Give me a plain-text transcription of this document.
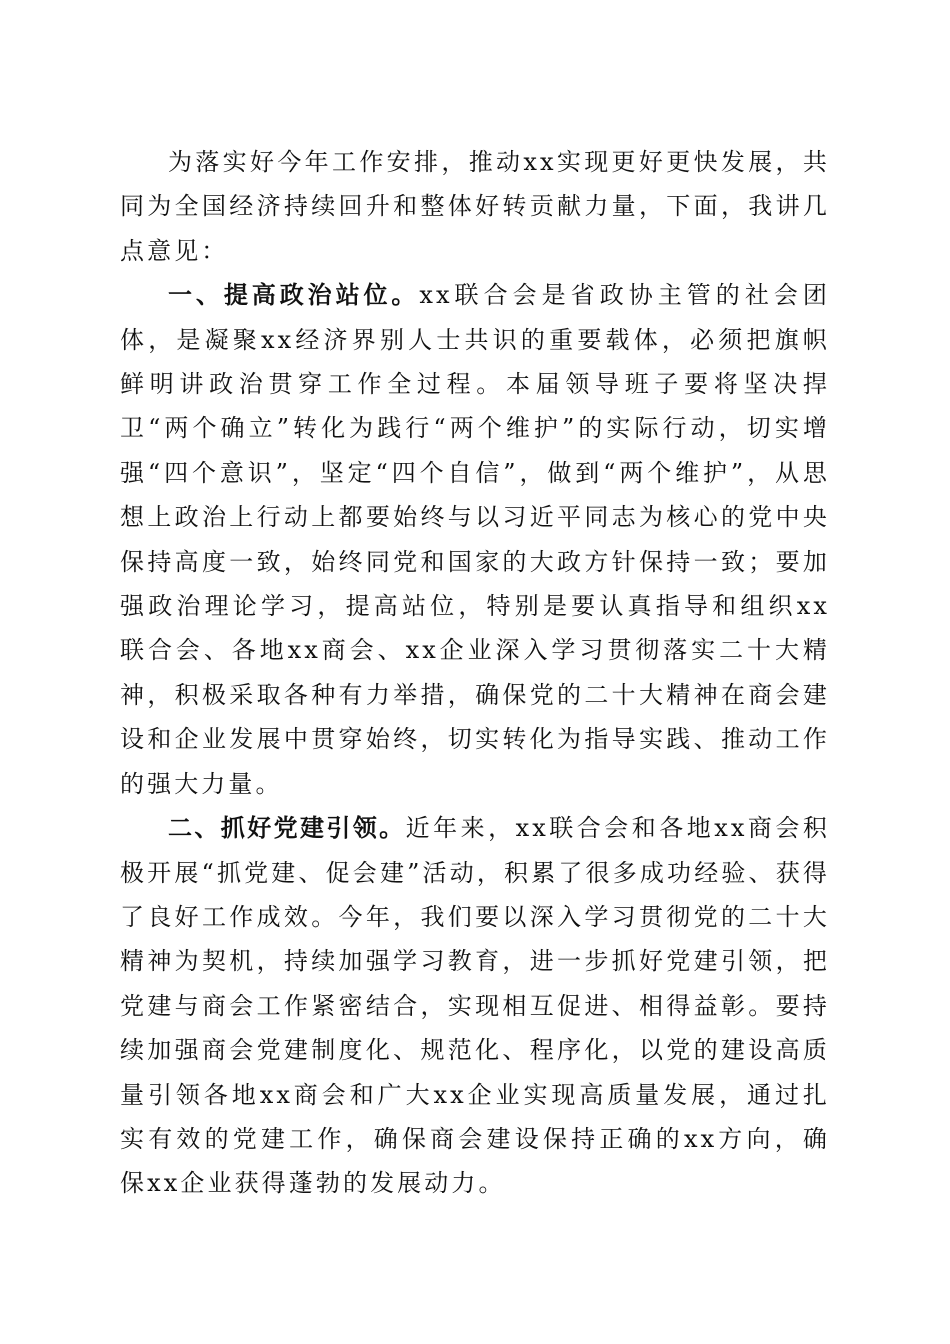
为落实好今年工作安排，推动xx实现更好更快发展，共同为全国经济持续回升和整体好转贡献力量，下面，我讲几点意见：

一、提高政治站位。xx联合会是省政协主管的社会团体，是凝聚xx经济界别人士共识的重要载体，必须把旗帜鲜明讲政治贯穿工作全过程。本届领导班子要将坚决捍卫“两个确立”转化为践行“两个维护”的实际行动，切实增强“四个意识”，坚定“四个自信”，做到“两个维护”，从思想上政治上行动上都要始终与以习近平同志为核心的党中央保持高度一致，始终同党和国家的大政方针保持一致；要加强政治理论学习，提高站位，特别是要认真指导和组织xx联合会、各地xx商会、xx企业深入学习贯彻落实二十大精神，积极采取各种有力举措，确保党的二十大精神在商会建设和企业发展中贯穿始终，切实转化为指导实践、推动工作的强大力量。

二、抓好党建引领。近年来，xx联合会和各地xx商会积极开展“抓党建、促会建”活动，积累了很多成功经验、获得了良好工作成效。今年，我们要以深入学习贯彻党的二十大精神为契机，持续加强学习教育，进一步抓好党建引领，把党建与商会工作紧密结合，实现相互促进、相得益彰。要持续加强商会党建制度化、规范化、程序化，以党的建设高质量引领各地xx商会和广大xx企业实现高质量发展，通过扎实有效的党建工作，确保商会建设保持正确的xx方向，确保xx企业获得蓬勃的发展动力。
